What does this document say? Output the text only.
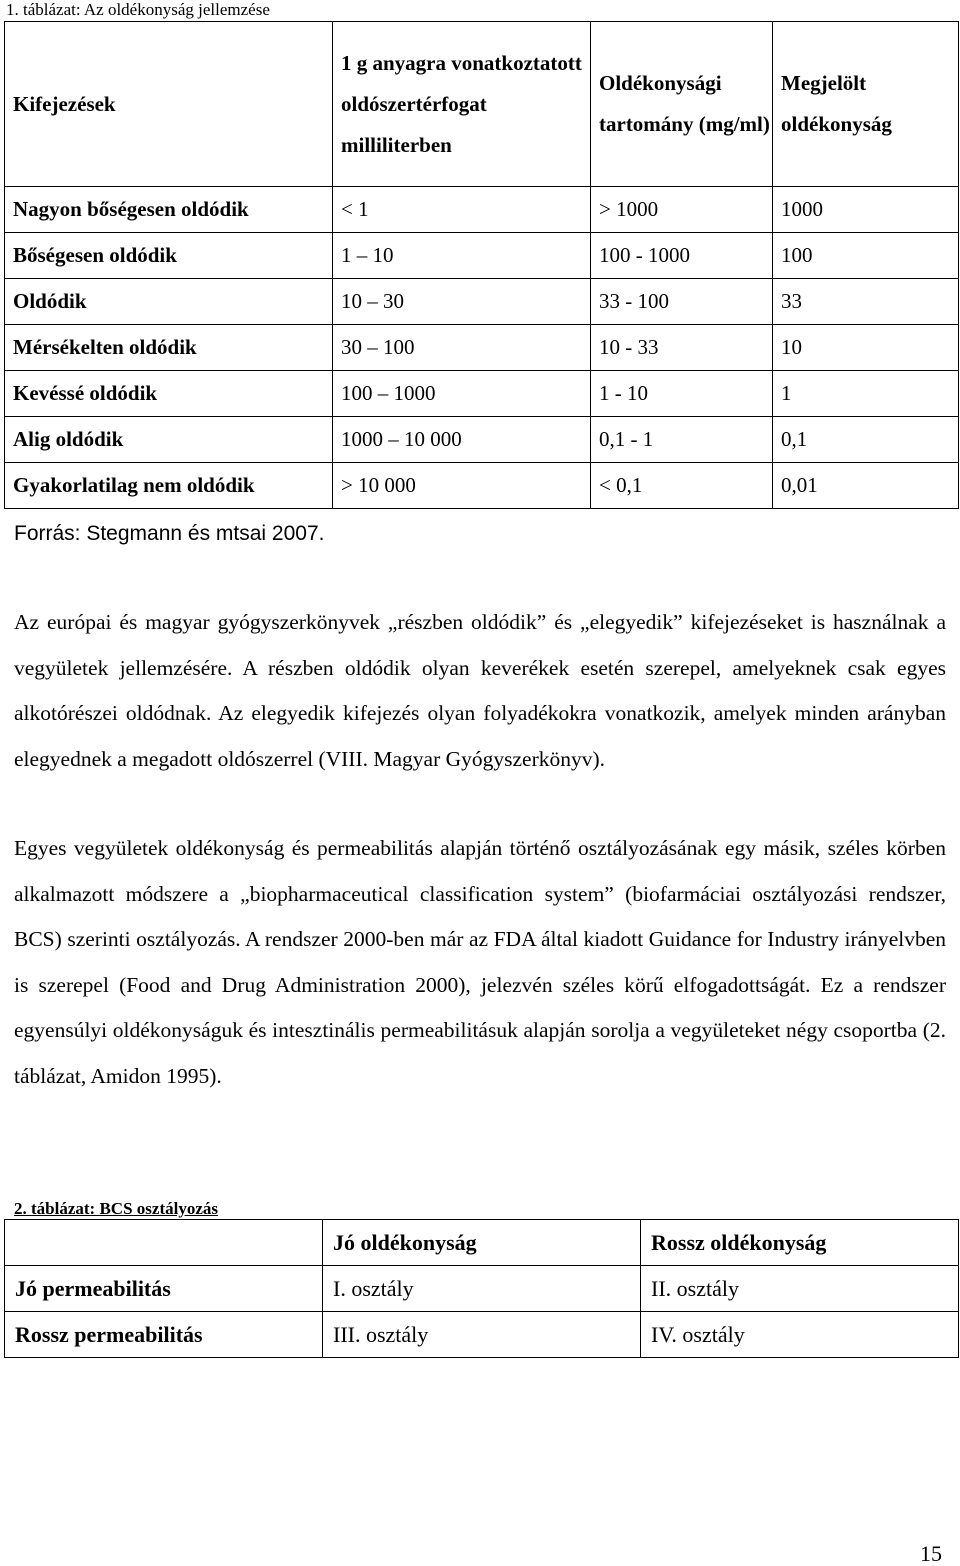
1. táblázat: Az oldékonyság jellemzése
Kifejezések	1 g anyagra vonatkoztatott oldószertérfogat milliliterben	Oldékonysági tartomány (mg/ml)	Megjelölt oldékonyság
Nagyon bőségesen oldódik	< 1	> 1000	1000
Bőségesen oldódik	1 – 10	100 - 1000	100
Oldódik	10 – 30	33 - 100	33
Mérsékelten oldódik	30 – 100	10 - 33	10
Kevéssé oldódik	100 – 1000	1 - 10	1
Alig oldódik	1000 – 10 000	0,1 - 1	0,1
Gyakorlatilag nem oldódik	> 10 000	< 0,1	0,01
Forrás: Stegmann és mtsai 2007.

Az európai és magyar gyógyszerkönyvek „részben oldódik” és „elegyedik” kifejezéseket is használnak a vegyületek jellemzésére. A részben oldódik olyan keverékek esetén szerepel, amelyeknek csak egyes alkotórészei oldódnak. Az elegyedik kifejezés olyan folyadékokra vonatkozik, amelyek minden arányban elegyednek a megadott oldószerrel (VIII. Magyar Gyógyszerkönyv).

Egyes vegyületek oldékonyság és permeabilitás alapján történő osztályozásának egy másik, széles körben alkalmazott módszere a „biopharmaceutical classification system” (biofarmáciai osztályozási rendszer, BCS) szerinti osztályozás. A rendszer 2000-ben már az FDA által kiadott Guidance for Industry irányelvben is szerepel (Food and Drug Administration 2000), jelezvén széles körű elfogadottságát. Ez a rendszer egyensúlyi oldékonyságuk és intesztinális permeabilitásuk alapján sorolja a vegyületeket négy csoportba (2. táblázat, Amidon 1995).

2. táblázat: BCS osztályozás
	Jó oldékonyság	Rossz oldékonyság
Jó permeabilitás	I. osztály	II. osztály
Rossz permeabilitás	III. osztály	IV. osztály
15
